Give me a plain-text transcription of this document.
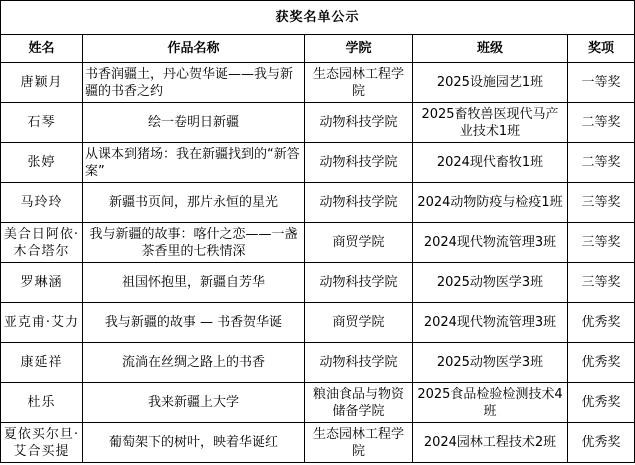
获奖名单公示				
姓名	作品名称	学院	班级	奖项
唐颖月	书香润疆土，丹心贺华诞——我与新疆的书香之约	生态园林工程学院	2025设施园艺1班	一等奖
石琴	绘一卷明日新疆	动物科技学院	2025畜牧兽医现代马产业技术1班	二等奖
张婷	从课本到猪场：我在新疆找到的“新答案”	动物科技学院	2024现代畜牧1班	二等奖
马玲玲	新疆书页间，那片永恒的星光	动物科技学院	2024动物防疫与检疫1班	三等奖
美合日阿依·木合塔尔	我与新疆的故事：喀什之恋——一盏茶香里的七秩情深	商贸学院	2024现代物流管理3班	三等奖
罗琳涵	祖国怀抱里，新疆自芳华	动物科技学院	2025动物医学3班	三等奖
亚克甫·艾力	我与新疆的故事 — 书香贺华诞	商贸学院	2024现代物流管理3班	优秀奖
康延祥	流淌在丝绸之路上的书香	动物科技学院	2025动物医学3班	优秀奖
杜乐	我来新疆上大学	粮油食品与物资储备学院	2025食品检验检测技术4班	优秀奖
夏依买尔旦·艾合买提	葡萄架下的树叶，映着华诞红	生态园林工程学院	2024园林工程技术2班	优秀奖
